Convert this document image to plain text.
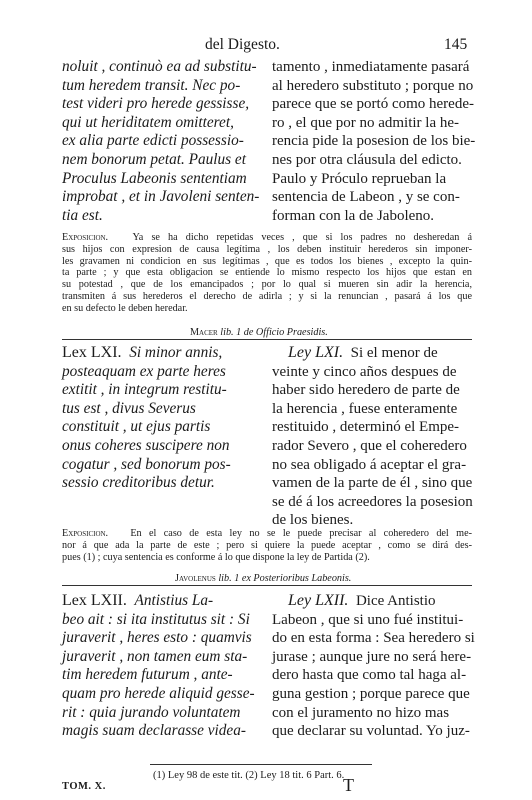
del Digesto.	145
noluit , continuò ea ad substitu-
tum heredem transit. Nec po-
test videri pro herede gessisse,
qui ut heriditatem omitteret,
ex alia parte edicti possessio-
nem bonorum petat. Paulus et
Proculus Labeonis sententiam
improbat , et in Javoleni senten-
tia est.
tamento , inmediatamente pasará
al heredero substituto ; porque no
parece que se portó como herede-
ro , el que por no admitir la he-
rencia pide la posesion de los bie-
nes por otra cláusula del edicto.
Paulo y Próculo reprueban la
sentencia de Labeon , y se con-
forman con la de Jaboleno.
Exposicion. Ya se ha dicho repetidas veces , que si los padres no desheredan á
sus hijos con expresion de causa legítima , los deben instituir herederos sin imponer-
les gravamen ni condicion en sus legítimas , que es todos los bienes , excepto la quin-
ta parte ; y que esta obligacion se entiende lo mismo respecto los hijos que estan en
su potestad , que de los emancipados ; por lo qual si mueren sin adir la herencia,
transmiten á sus herederos el derecho de adirla ; y si la renuncian , pasará á los que
en su defecto le deben heredar.
Macer lib. 1 de Officio Praesidis.
Lex LXI. Si minor annis,
posteaquam ex parte heres
extitit , in integrum restitu-
tus est , divus Severus
constituit , ut ejus partis
onus coheres suscipere non
cogatur , sed bonorum pos-
sessio creditoribus detur.
Ley LXI. Si el menor de
veinte y cinco años despues de
haber sido heredero de parte de
la herencia , fuese enteramente
restituido , determinó el Empe-
rador Severo , que el coheredero
no sea obligado á aceptar el gra-
vamen de la parte de él , sino que
se dé á los acreedores la posesion
de los bienes.
Exposicion. En el caso de esta ley no se le puede precisar al coheredero del me-
nor á que ada la parte de este ; pero si quiere la puede aceptar , como se dirá des-
pues (1) ; cuya sentencia es conforme á lo que dispone la ley de Partida (2).
Javolenus lib. 1 ex Posterioribus Labeonis.
Lex LXII. Antistius La-
beo ait : si ita institutus sit : Si
juraverit , heres esto : quamvis
juraverit , non tamen eum sta-
tim heredem futurum , ante-
quam pro herede aliquid gesse-
rit : quia jurando voluntatem
magis suam declarasse videa-
Ley LXII. Dice Antistio
Labeon , que si uno fué institui-
do en esta forma : Sea heredero si
jurase ; aunque jure no será here-
dero hasta que como tal haga al-
guna gestion ; porque parece que
con el juramento no hizo mas
que declarar su voluntad. Yo juz-
(1) Ley 98 de este tit. (2) Ley 18 tit. 6 Part. 6.
TOM. X.	T
